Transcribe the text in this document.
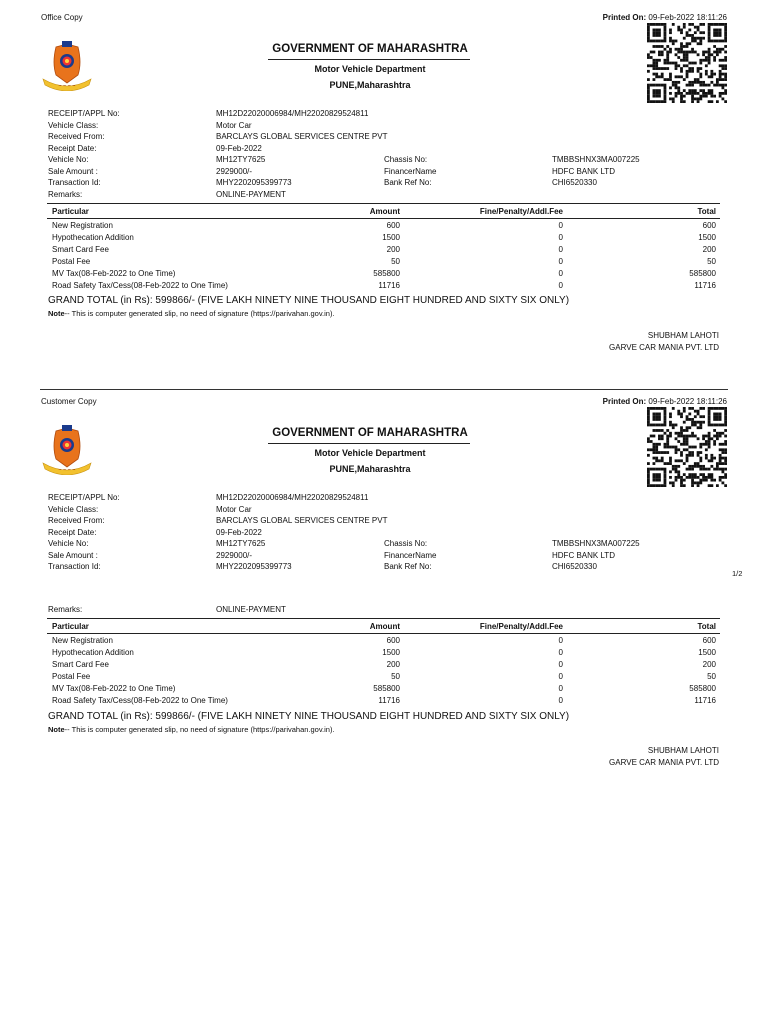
Office Copy	Printed On: 09-Feb-2022 18:11:26
~ ~ ~ ~
GOVERNMENT OF MAHARASHTRA
Motor Vehicle Department
PUNE,Maharashtra
RECEIPT/APPL No:	MH12D22020006984/MH22020829524811
Vehicle Class:	Motor Car
Received From:	BARCLAYS GLOBAL SERVICES CENTRE PVT
Receipt Date:	09-Feb-2022
Vehicle No:	MH12TY7625	Chassis No:	TMBBSHNX3MA007225
Sale Amount :	2929000/-	FinancerName	HDFC BANK LTD
Transaction Id:	MHY2202095399773	Bank Ref No:	CHI6520330
Remarks:	ONLINE-PAYMENT
Particular	Amount	Fine/Penalty/Addl.Fee	Total
New Registration	600	0	600
Hypothecation Addition	1500	0	1500
Smart Card Fee	200	0	200
Postal Fee	50	0	50
MV Tax(08-Feb-2022 to One Time)	585800	0	585800
Road Safety Tax/Cess(08-Feb-2022 to One Time)	11716	0	11716
GRAND TOTAL (in Rs): 599866/- (FIVE LAKH NINETY NINE THOUSAND EIGHT HUNDRED AND SIXTY SIX ONLY)
Note-- This is computer generated slip, no need of signature (https://parivahan.gov.in).
SHUBHAM LAHOTI
GARVE CAR MANIA PVT. LTD
Customer Copy	Printed On: 09-Feb-2022 18:11:26
~ ~ ~ ~
GOVERNMENT OF MAHARASHTRA
Motor Vehicle Department
PUNE,Maharashtra
RECEIPT/APPL No:	MH12D22020006984/MH22020829524811
Vehicle Class:	Motor Car
Received From:	BARCLAYS GLOBAL SERVICES CENTRE PVT
Receipt Date:	09-Feb-2022
Vehicle No:	MH12TY7625	Chassis No:	TMBBSHNX3MA007225
Sale Amount :	2929000/-	FinancerName	HDFC BANK LTD
Transaction Id:	MHY2202095399773	Bank Ref No:	CHI6520330
Remarks:	ONLINE-PAYMENT
Particular	Amount	Fine/Penalty/Addl.Fee	Total
New Registration	600	0	600
Hypothecation Addition	1500	0	1500
Smart Card Fee	200	0	200
Postal Fee	50	0	50
MV Tax(08-Feb-2022 to One Time)	585800	0	585800
Road Safety Tax/Cess(08-Feb-2022 to One Time)	11716	0	11716
GRAND TOTAL (in Rs): 599866/- (FIVE LAKH NINETY NINE THOUSAND EIGHT HUNDRED AND SIXTY SIX ONLY)
Note-- This is computer generated slip, no need of signature (https://parivahan.gov.in).
SHUBHAM LAHOTI
GARVE CAR MANIA PVT. LTD
1/2
